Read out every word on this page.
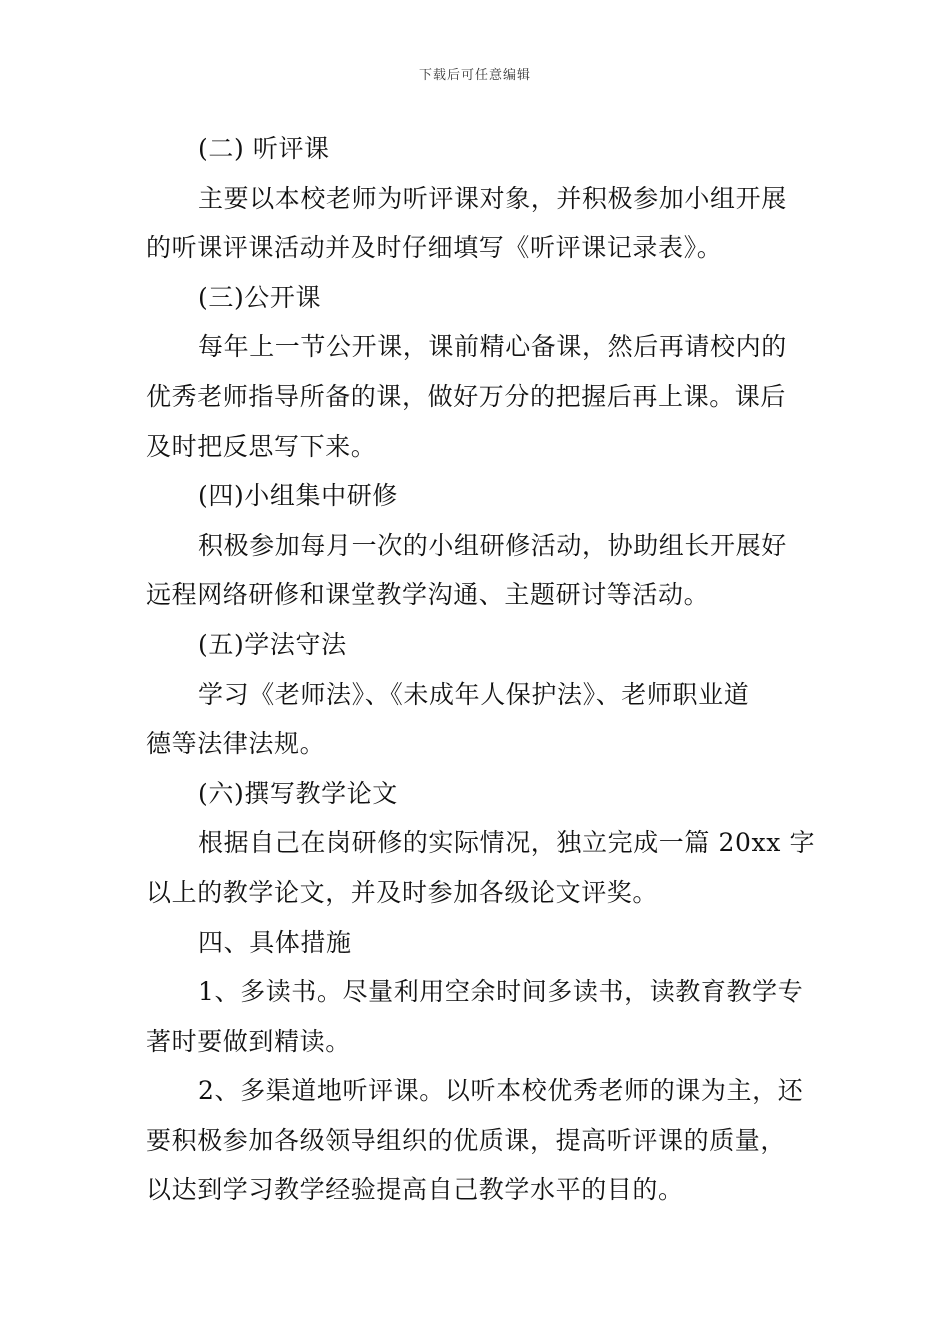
下载后可任意编辑
(二) 听评课
主要以本校老师为听评课对象，并积极参加小组开展
的听课评课活动并及时仔细填写《听评课记录表》。
(三)公开课
每年上一节公开课，课前精心备课，然后再请校内的
优秀老师指导所备的课，做好万分的把握后再上课。课后
及时把反思写下来。
(四)小组集中研修
积极参加每月一次的小组研修活动，协助组长开展好
远程网络研修和课堂教学沟通、主题研讨等活动。
(五)学法守法
学习《老师法》、《未成年人保护法》、老师职业道
德等法律法规。
(六)撰写教学论文
根据自己在岗研修的实际情况，独立完成一篇 20xx 字
以上的教学论文，并及时参加各级论文评奖。
四、具体措施
1、多读书。尽量利用空余时间多读书，读教育教学专
著时要做到精读。
2、多渠道地听评课。以听本校优秀老师的课为主，还
要积极参加各级领导组织的优质课，提高听评课的质量，
以达到学习教学经验提高自己教学水平的目的。
